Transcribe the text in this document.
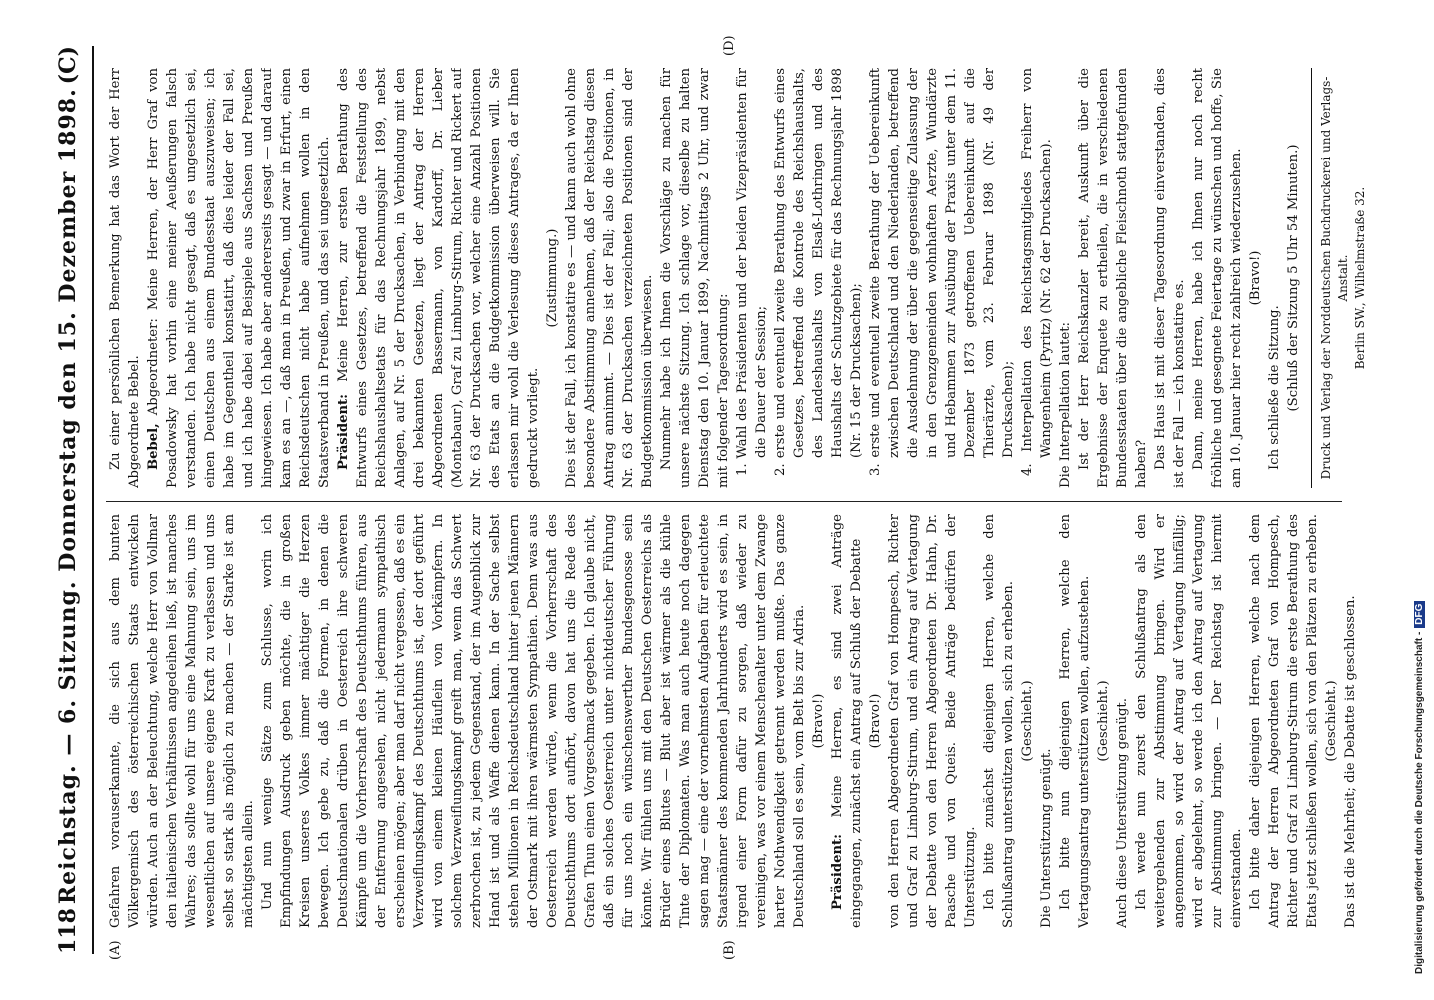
118
Reichstag. — 6. Sitzung. Donnerstag den 15. Dezember 1898.
(C)
(A)	(B)
(D)

Gefahren vorauserkannte, die sich aus dem bunten Völkergemisch des österreichischen Staats entwickeln würden. Auch an der Beleuchtung, welche Herr von Vollmar den italienischen Verhältnissen angedeihen ließ, ist manches Wahres; das sollte wohl für uns eine Mahnung sein, uns im wesentlichen auf unsere eigene Kraft zu verlassen und uns selbst so stark als möglich zu machen — der Starke ist am mächtigsten allein. Und nun wenige Sätze zum Schlusse, worin ich Empfindungen Ausdruck geben möchte, die in großen Kreisen unseres Volkes immer mächtiger die Herzen bewegen. Ich gebe zu, daß die Formen, in denen die Deutschnationalen drüben in Oesterreich ihre schweren Kämpfe um die Vorherrschaft des Deutschthums führen, aus der Entfernung angesehen, nicht jedermann sympathisch erscheinen mögen; aber man darf nicht vergessen, daß es ein Verzweiflungskampf des Deutschthums ist, der dort geführt wird von einem kleinen Häuflein von Vorkämpfern. In solchem Verzweiflungskampf greift man, wenn das Schwert zerbrochen ist, zu jedem Gegenstand, der im Augenblick zur Hand ist und als Waffe dienen kann. In der Sache selbst stehen Millionen in Reichsdeutschland hinter jenen Männern der Ostmark mit ihren wärmsten Sympathien. Denn was aus Oesterreich werden würde, wenn die Vorherrschaft des Deutschthums dort aufhört, davon hat uns die Rede des Grafen Thun einen Vorgeschmack gegeben. Ich glaube nicht, daß ein solches Oesterreich unter nichtdeutscher Führung für uns noch ein wünschenswerther Bundesgenosse sein könnte. Wir fühlen uns mit den Deutschen Oesterreichs als Brüder eines Blutes — Blut aber ist wärmer als die kühle Tinte der Diplomaten. Was man auch heute noch dagegen sagen mag — eine der vornehmsten Aufgaben für erleuchtete Staatsmänner des kommenden Jahrhunderts wird es sein, in irgend einer Form dafür zu sorgen, daß wieder zu vereinigen, was vor einem Menschenalter unter dem Zwange harter Nothwendigkeit getrennt werden mußte. Das ganze Deutschland soll es sein, vom Belt bis zur Adria. (Bravo!)

Präsident: Meine Herren, es sind zwei Anträge eingegangen, zunächst ein Antrag auf Schluß der Debatte (Bravo!) von den Herren Abgeordneten Graf von Hompesch, Richter und Graf zu Limburg-Stirum, und ein Antrag auf Vertagung der Debatte von den Herren Abgeordneten Dr. Hahn, Dr. Paasche und von Queis. Beide Anträge bedürfen der Unterstützung. Ich bitte zunächst diejenigen Herren, welche den Schlußantrag unterstützen wollen, sich zu erheben. (Geschieht.)

Die Unterstützung genügt. Ich bitte nun diejenigen Herren, welche den Vertagungsantrag unterstützen wollen, aufzustehen. (Geschieht.) Auch diese Unterstützung genügt. Ich werde nun zuerst den Schlußantrag als den weitergehenden zur Abstimmung bringen. Wird er angenommen, so wird der Antrag auf Vertagung hinfällig; wird er abgelehnt, so werde ich den Antrag auf Vertagung zur Abstimmung bringen. — Der Reichstag ist hiermit einverstanden. Ich bitte daher diejenigen Herren, welche nach dem Antrag der Herren Abgeordneten Graf von Hompesch, Richter und Graf zu Limburg-Stirum die erste Berathung des Etats jetzt schließen wollen, sich von den Plätzen zu erheben. (Geschieht.) Das ist die Mehrheit; die Debatte ist geschlossen.

Zu einer persönlichen Bemerkung hat das Wort der Herr Abgeordnete Bebel. Bebel, Abgeordneter: Meine Herren, der Herr Graf von Posadowsky hat vorhin eine meiner Aeußerungen falsch verstanden. Ich habe nicht gesagt, daß es ungesetzlich sei, einen Deutschen aus einem Bundesstaat auszuweisen; ich habe im Gegentheil konstatirt, daß dies leider der Fall sei, und ich habe dabei auf Beispiele aus Sachsen und Preußen hingewiesen. Ich habe aber andererseits gesagt — und darauf kam es an —, daß man in Preußen, und zwar in Erfurt, einen Reichsdeutschen nicht habe aufnehmen wollen in den Staatsverband in Preußen, und das sei ungesetzlich. Präsident: Meine Herren, zur ersten Berathung des Entwurfs eines Gesetzes, betreffend die Feststellung des Reichshaushaltsetats für das Rechnungsjahr 1899, nebst Anlagen, auf Nr. 5 der Drucksachen, in Verbindung mit den drei bekannten Gesetzen, liegt der Antrag der Herren Abgeordneten Bassermann, von Kardorff, Dr. Lieber (Montabaur), Graf zu Limburg-Stirum, Richter und Rickert auf Nr. 63 der Drucksachen vor, welcher eine Anzahl Positionen des Etats an die Budgetkommission überweisen will. Sie erlassen mir wohl die Verlesung dieses Antrages, da er Ihnen gedruckt vorliegt.

(Zustimmung.) Dies ist der Fall, ich konstatire es — und kann auch wohl ohne besondere Abstimmung annehmen, daß der Reichstag diesen Antrag annimmt. — Dies ist der Fall; also die Positionen, in Nr. 63 der Drucksachen verzeichneten Positionen sind der Budgetkommission überwiesen. Nunmehr habe ich Ihnen die Vorschläge zu machen für unsere nächste Sitzung. Ich schlage vor, dieselbe zu halten Dienstag den 10. Januar 1899, Nachmittags 2 Uhr, und zwar mit folgender Tagesordnung: 1. Wahl des Präsidenten und der beiden Vizepräsidenten für die Dauer der Session; 2. erste und eventuell zweite Berathung des Entwurfs eines Gesetzes, betreffend die Kontrole des Reichshaushalts, des Landeshaushalts von Elsaß-Lothringen und des Haushalts der Schutzgebiete für das Rechnungsjahr 1898 (Nr. 15 der Drucksachen); 3. erste und eventuell zweite Berathung der Uebereinkunft zwischen Deutschland und den Niederlanden, betreffend die Ausdehnung der über die gegenseitige Zulassung der in den Grenzgemeinden wohnhaften Aerzte, Wundärzte und Hebammen zur Ausübung der Praxis unter dem 11. Dezember 1873 getroffenen Uebereinkunft auf die Thierärzte, vom 23. Februar 1898 (Nr. 49 der Drucksachen); 4. Interpellation des Reichstagsmitgliedes Freiherr von Wangenheim (Pyritz) (Nr. 62 der Drucksachen). Die Interpellation lautet: Ist der Herr Reichskanzler bereit, Auskunft über die Ergebnisse der Enquete zu ertheilen, die in verschiedenen Bundesstaaten über die angebliche Fleischnoth stattgefunden haben? Das Haus ist mit dieser Tagesordnung einverstanden, dies ist der Fall — ich konstatire es. Dann, meine Herren, habe ich Ihnen nur noch recht fröhliche und gesegnete Feiertage zu wünschen und hoffe, Sie am 10. Januar hier recht zahlreich wiederzusehen. (Bravo!)

Ich schließe die Sitzung. (Schluß der Sitzung 5 Uhr 54 Minuten.) Druck und Verlag der Norddeutschen Buchdruckerei und Verlags-Anstalt. Berlin SW., Wilhelmstraße 32.
Digitalisierung gefördert durch die Deutsche Forschungsgemeinschaft -DFG
